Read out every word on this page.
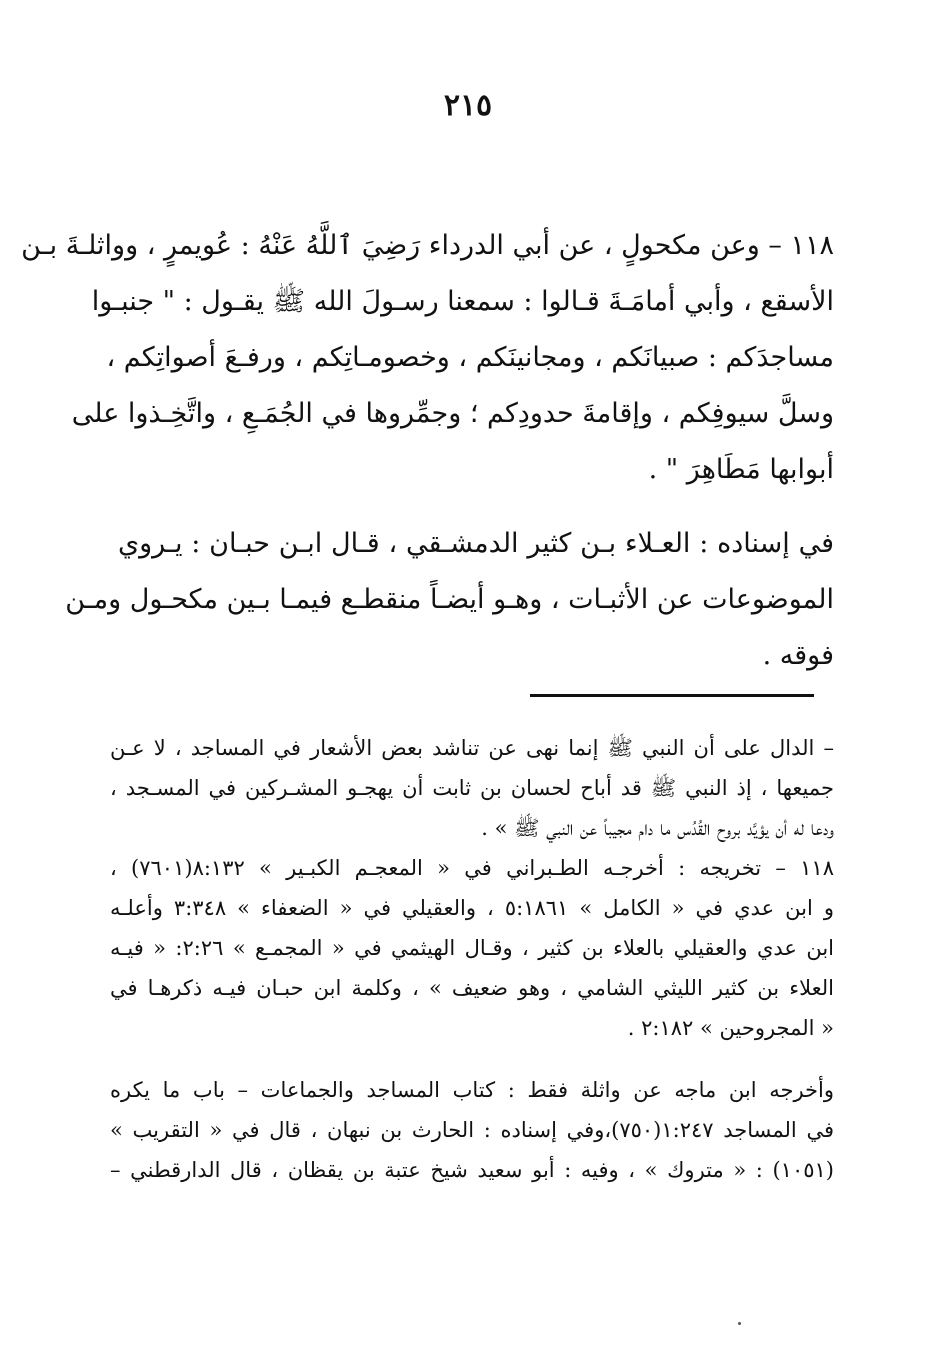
٢١٥

١١٨ – وعن مكحولٍ ، عن أبي الدرداء رَضِيَ ٱللَّهُ عَنْهُ : عُويمرٍ ، وواثلـةَ بـن
الأسقع ، وأبي أمامَـةَ قـالوا : سمعنا رسـولَ الله ﷺ يقـول : " جنبـوا
مساجدَكم : صبيانَكم ، ومجانينَكم ، وخصومـاتِكم ، ورفـعَ أصواتِكم ،
وسلَّ سيوفِكم ، وإقامةَ حدودِكم ؛ وجمِّروها في الجُمَـعِ ، واتَّخِـذوا على
أبوابها مَطَاهِرَ " .

في إسناده : العـلاء بـن كثير الدمشـقي ، قـال ابـن حبـان : يـروي
الموضوعات عن الأثبـات ، وهـو أيضـاً منقطـع فيمـا بـين مكحـول ومـن
فوقه .

– الدال على أن النبي ﷺ إنما نهى عن تناشد بعض الأشعار في المساجد ، لا عـن
جميعها ، إذ النبي ﷺ قد أباح لحسان بن ثابت أن يهجـو المشـركين في المسـجد ،
ودعا له أن يؤيَّد بروح القُدُس ما دام مجيباً عن النبي ﷺ » .

١١٨ – تخريجه : أخرجـه الطـبراني في « المعجـم الكبـير » ٨:١٣٢(٧٦٠١) ،
و ابن عدي في « الكامل » ٥:١٨٦١ ، والعقيلي في « الضعفاء » ٣:٣٤٨ وأعلـه
ابن عدي والعقيلي بالعلاء بن كثير ، وقـال الهيثمي في « المجمـع » ٢:٢٦: « فيـه
العلاء بن كثير الليثي الشامي ، وهو ضعيف » ، وكلمة ابن حبـان فيـه ذكرهـا في
« المجروحين » ٢:١٨٢ .

وأخرجه ابن ماجه عن واثلة فقط : كتاب المساجد والجماعات – باب ما يكره
في المساجد ١:٢٤٧(٧٥٠)،وفي إسناده : الحارث بن نبهان ، قال في « التقريب »
(١٠٥١) : « متروك » ، وفيه : أبو سعيد شيخ عتبة بن يقظان ، قال الدارقطني –
